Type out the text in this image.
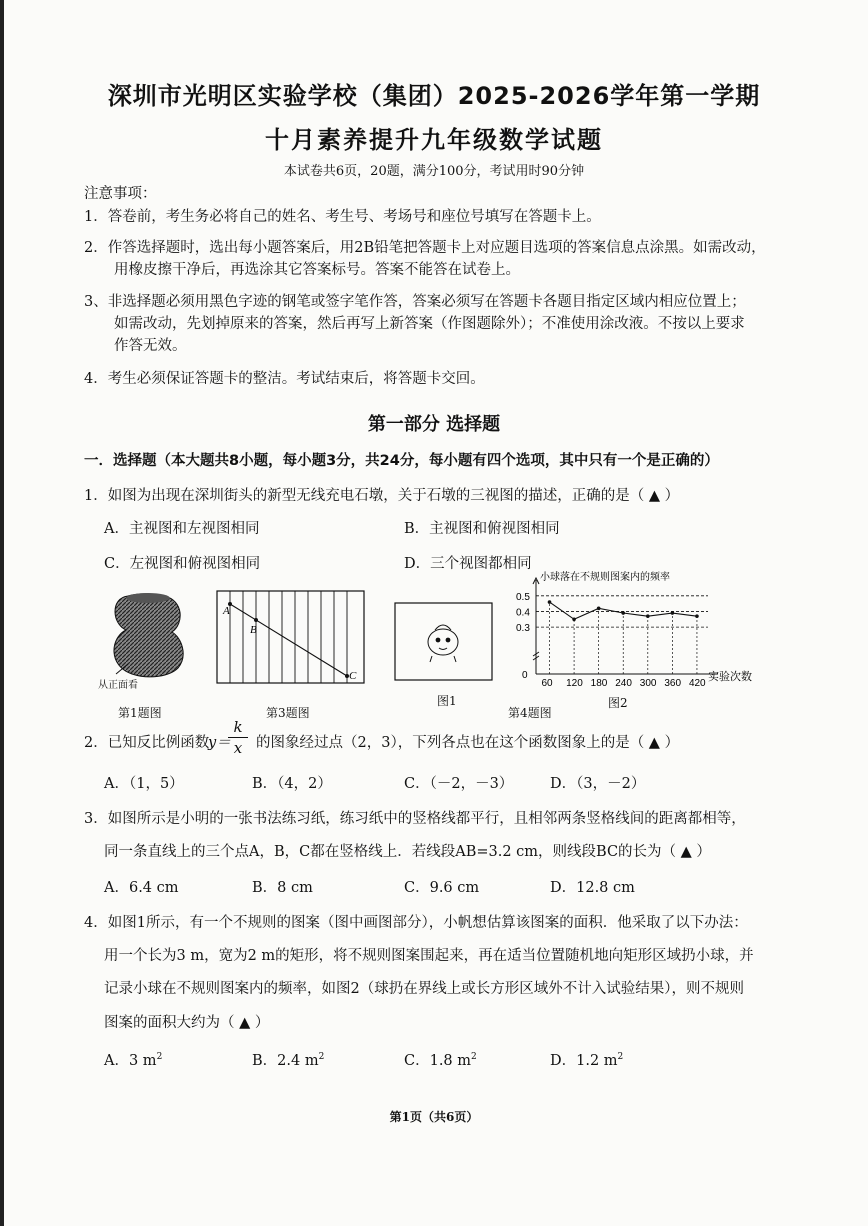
深圳市光明区实验学校（集团）2025-2026学年第一学期
十月素养提升九年级数学试题
本试卷共6页，20题，满分100分，考试用时90分钟
注意事项：
1．答卷前，考生务必将自己的姓名、考生号、考场号和座位号填写在答题卡上。
2．作答选择题时，选出每小题答案后，用2B铅笔把答题卡上对应题目选项的答案信息点涂黑。如需改动，
用橡皮擦干净后，再选涂其它答案标号。答案不能答在试卷上。
3、非选择题必须用黑色字迹的钢笔或签字笔作答，答案必须写在答题卡各题目指定区域内相应位置上；
如需改动，先划掉原来的答案，然后再写上新答案（作图题除外）；不准使用涂改液。不按以上要求
作答无效。
4．考生必须保证答题卡的整洁。考试结束后，将答题卡交回。
第一部分 选择题
一．选择题（本大题共8小题，每小题3分，共24分，每小题有四个选项，其中只有一个是正确的）
1．如图为出现在深圳街头的新型无线充电石墩，关于石墩的三视图的描述，正确的是（ ▲ ）
A．主视图和左视图相同	B．主视图和俯视图相同
C．左视图和俯视图相同	D．三个视图都相同
从正面看
第1题图
A
B
C
第3题图
图1
第4题图
小球落在不规则图案内的频率
0
0.3
0.4
0.5
60 120 180 240 300 360 420
实验次数
图2
2．已知反比例函数
y＝
k
x 的图象经过点（2，3），下列各点也在这个函数图象上的是（ ▲ ）
A．（1，5）	B．（4，2）	C．（－2，－3）	D．（3，－2）
3．如图所示是小明的一张书法练习纸，练习纸中的竖格线都平行，且相邻两条竖格线间的距离都相等，
同一条直线上的三个点A，B，C都在竖格线上．若线段AB=3.2 cm，则线段BC的长为（ ▲ ）
A．6.4 cm	B．8 cm	C．9.6 cm	D．12.8 cm
4．如图1所示，有一个不规则的图案（图中画图部分），小帆想估算该图案的面积．他采取了以下办法：
用一个长为3 m，宽为2 m的矩形，将不规则图案围起来，再在适当位置随机地向矩形区域扔小球，并
记录小球在不规则图案内的频率，如图2（球扔在界线上或长方形区域外不计入试验结果），则不规则
图案的面积大约为（ ▲ ）
A．3 $m^2$	B．2.4 $m^2$	C．1.8 $m^2$	D．1.2 $m^2$
第1页（共6页）
